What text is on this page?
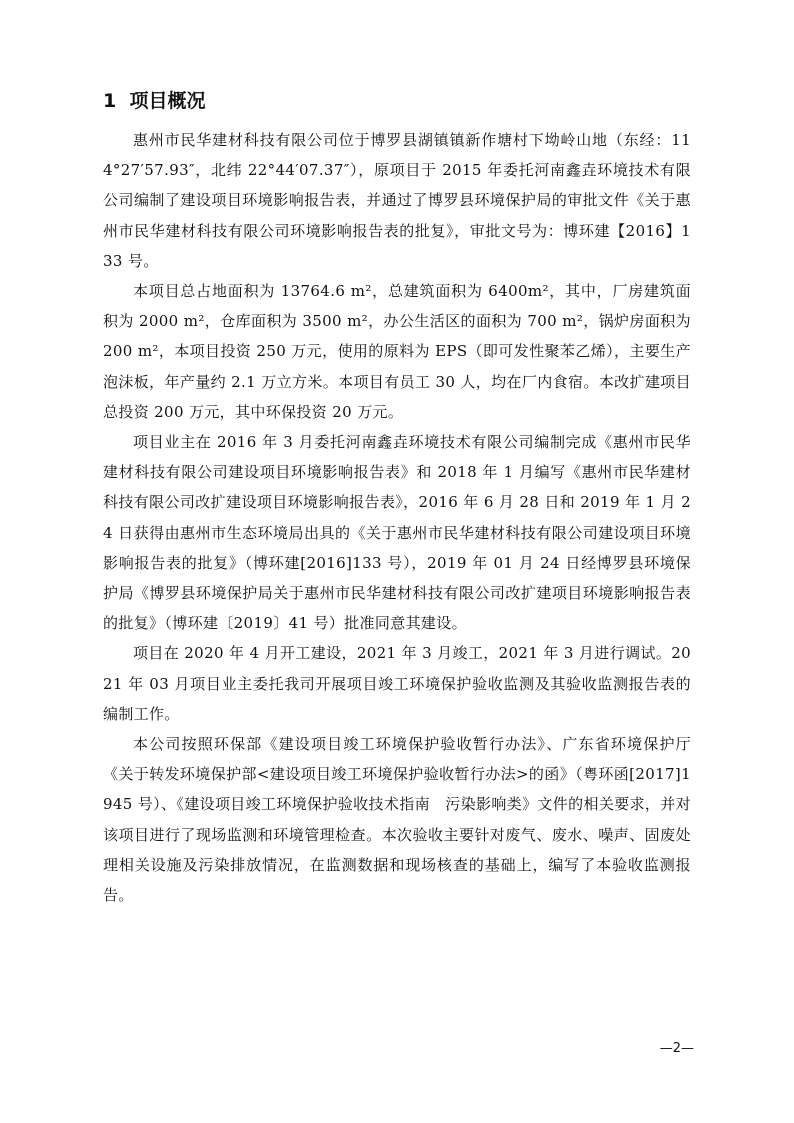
1 项目概况

惠州市民华建材科技有限公司位于博罗县湖镇镇新作塘村下坳岭山地（东经：114°27′57.93″，北纬 22°44′07.37″），原项目于 2015 年委托河南鑫垚环境技术有限公司编制了建设项目环境影响报告表，并通过了博罗县环境保护局的审批文件《关于惠州市民华建材科技有限公司环境影响报告表的批复》，审批文号为：博环建【2016】133 号。

本项目总占地面积为 13764.6 m²，总建筑面积为 6400m²，其中，厂房建筑面积为 2000 m²，仓库面积为 3500 m²，办公生活区的面积为 700 m²，锅炉房面积为 200 m²，本项目投资 250 万元，使用的原料为 EPS（即可发性聚苯乙烯），主要生产泡沫板，年产量约 2.1 万立方米。本项目有员工 30 人，均在厂内食宿。本改扩建项目总投资 200 万元，其中环保投资 20 万元。

项目业主在 2016 年 3 月委托河南鑫垚环境技术有限公司编制完成《惠州市民华建材科技有限公司建设项目环境影响报告表》和 2018 年 1 月编写《惠州市民华建材科技有限公司改扩建设项目环境影响报告表》，2016 年 6 月 28 日和 2019 年 1 月 24 日获得由惠州市生态环境局出具的《关于惠州市民华建材科技有限公司建设项目环境影响报告表的批复》（博环建[2016]133 号），2019 年 01 月 24 日经博罗县环境保护局《博罗县环境保护局关于惠州市民华建材科技有限公司改扩建项目环境影响报告表的批复》（博环建〔2019〕41 号）批准同意其建设。

项目在 2020 年 4 月开工建设，2021 年 3 月竣工，2021 年 3 月进行调试。2021 年 03 月项目业主委托我司开展项目竣工环境保护验收监测及其验收监测报告表的编制工作。

本公司按照环保部《建设项目竣工环境保护验收暂行办法》、广东省环境保护厅《关于转发环境保护部<建设项目竣工环境保护验收暂行办法>的函》（粤环函[2017]1945 号）、《建设项目竣工环境保护验收技术指南　污染影响类》文件的相关要求，并对该项目进行了现场监测和环境管理检查。本次验收主要针对废气、废水、噪声、固废处理相关设施及污染排放情况，在监测数据和现场核查的基础上，编写了本验收监测报告。

—2—
